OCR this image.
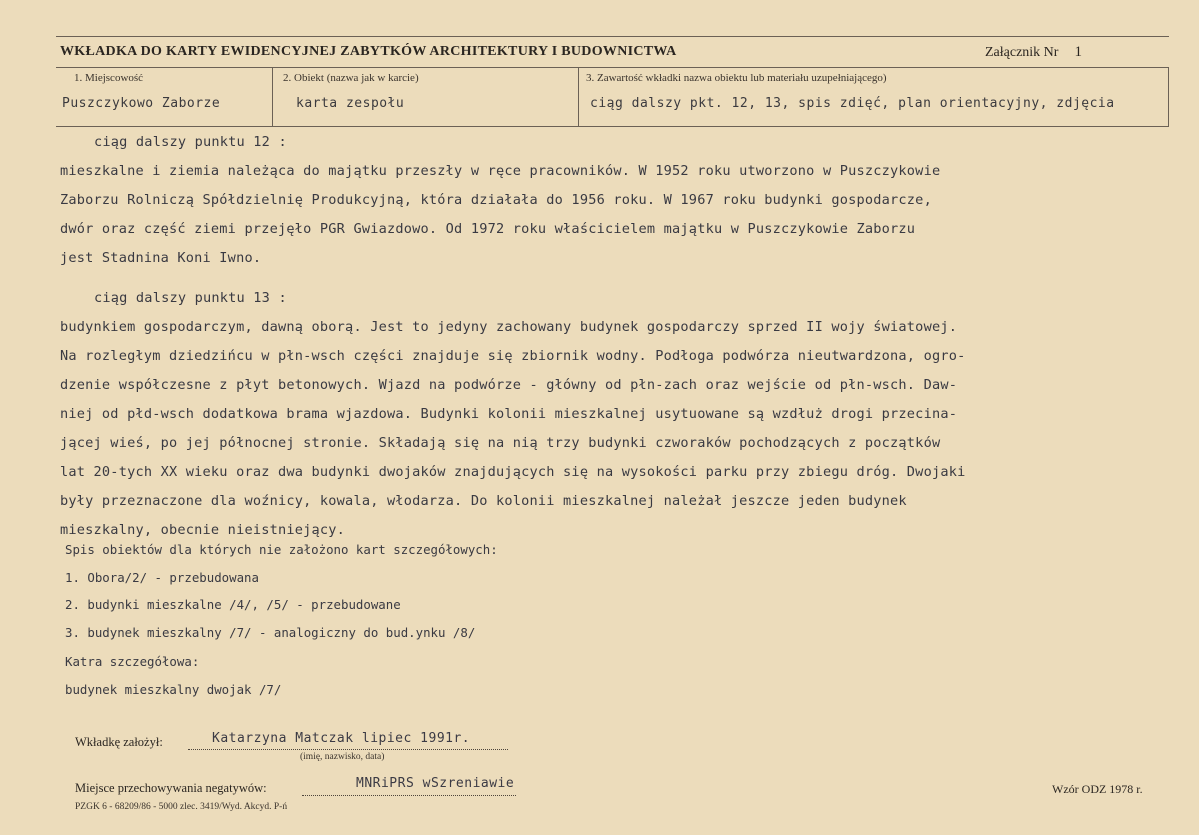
WKŁADKA DO KARTY EWIDENCYJNEJ ZABYTKÓW ARCHITEKTURY I BUDOWNICTWA	Załącznik Nr 1
1. Miejscowość
Puszczykowo Zaborze
2. Obiekt (nazwa jak w karcie)
karta zespołu
3. Zawartość wkładki nazwa obiektu lub materiału uzupełniającego)
ciąg dalszy pkt. 12, 13, spis zdięć, plan orientacyjny, zdjęcia
ciąg dalszy punktu 12 :
mieszkalne i ziemia należąca do majątku przeszły w ręce pracowników. W 1952 roku utworzono w Puszczykowie
Zaborzu Rolniczą Spółdzielnię Produkcyjną, która działała do 1956 roku. W 1967 roku budynki gospodarcze,
dwór oraz część ziemi przejęło PGR Gwiazdowo. Od 1972 roku właścicielem majątku w Puszczykowie Zaborzu
jest Stadnina Koni Iwno.
ciąg dalszy punktu 13 :
budynkiem gospodarczym, dawną oborą. Jest to jedyny zachowany budynek gospodarczy sprzed II wojy światowej.
Na rozległym dziedzińcu w płn-wsch części znajduje się zbiornik wodny. Podłoga podwórza nieutwardzona, ogro-
dzenie współczesne z płyt betonowych. Wjazd na podwórze - główny od płn-zach oraz wejście od płn-wsch. Daw-
niej od płd-wsch dodatkowa brama wjazdowa. Budynki kolonii mieszkalnej usytuowane są wzdłuż drogi przecina-
jącej wieś, po jej północnej stronie. Składają się na nią trzy budynki czworaków pochodzących z początków
lat 20-tych XX wieku oraz dwa budynki dwojaków znajdujących się na wysokości parku przy zbiegu dróg. Dwojaki
były przeznaczone dla woźnicy, kowala, włodarza. Do kolonii mieszkalnej należał jeszcze jeden budynek
mieszkalny, obecnie nieistniejący.
Spis obiektów dla których nie założono kart szczegółowych:
1. Obora/2/ - przebudowana
2. budynki mieszkalne /4/, /5/ - przebudowane
3. budynek mieszkalny /7/ - analogiczny do bud.ynku /8/
Katra szczegółowa:
budynek mieszkalny dwojak /7/
Wkładkę założył:	Katarzyna Matczak lipiec 1991r.
(imię, nazwisko, data)
Miejsce przechowywania negatywów:	MNRiPRS wSzreniawie
PZGK 6 - 68209/86 - 5000 zlec. 3419/Wyd. Akcyd. P-ń
Wzór ODZ 1978 r.
